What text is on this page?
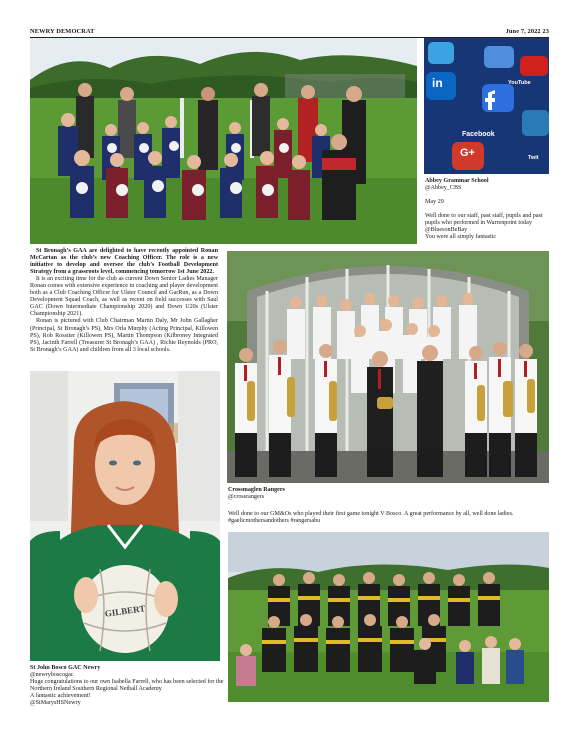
NEWRY DEMOCRAT	June 7, 2022 23
in	YouTube
Facebook
G+	Twit

Abbey Grammar School

@Abbey_CBS

·

May 29

Well done to our staff, past staff, pupils and past pupils who performed in Warrenpoint today @BluesonBeBay

You were all simply fantastic

St Bronagh’s GAA are delighted to have recently appointed Ronan McCartan as the club’s new Coaching Officer. The role is a new initiative to develop and oversee the club’s Football Development Strategy from a grassroots level, commencing tomorrow 1st June 2022.

It is an exciting time for the club as current Down Senior Ladies Manager Ronan comes with extensive experience in coaching and player development both as a Club Coaching Officer for Ulster Council and GarRun, as a Down Development Squad Coach, as well as recent on field successes with Saul GAC (Down Intermediate Championship 2020) and Down U20s (Ulster Championship 2021).

Ronan is pictured with Club Chairman Martin Daly, Mr John Gallagher (Principal, St Bronagh’s PS), Mrs Orla Murphy (Acting Principal, Killowen PS), Rob Rossiter (Killowen PS), Martin Thompson (Kilbroney Integrated PS), Jacinth Farrell (Treasurer St Bronagh’s GAA) , Richie Reynolds (PRO, St Bronagh’s GAA) and children from all 3 local schools.

Crossmaglen Rangers

@crossrangers

·

Well done to our GM&Os who played their first game tonight V Bosco. A great performance by all, well done ladies.

#gaelicmothersandothers #rangersabu

GILBERT

St John Bosco GAC Newry

@newryboscogac

Huge congratulations to our own Isabella Farrell, who has been selected for the Northern Ireland Southern Regional Netball Academy

A fantastic achievement!

@StMarysHSNewry
